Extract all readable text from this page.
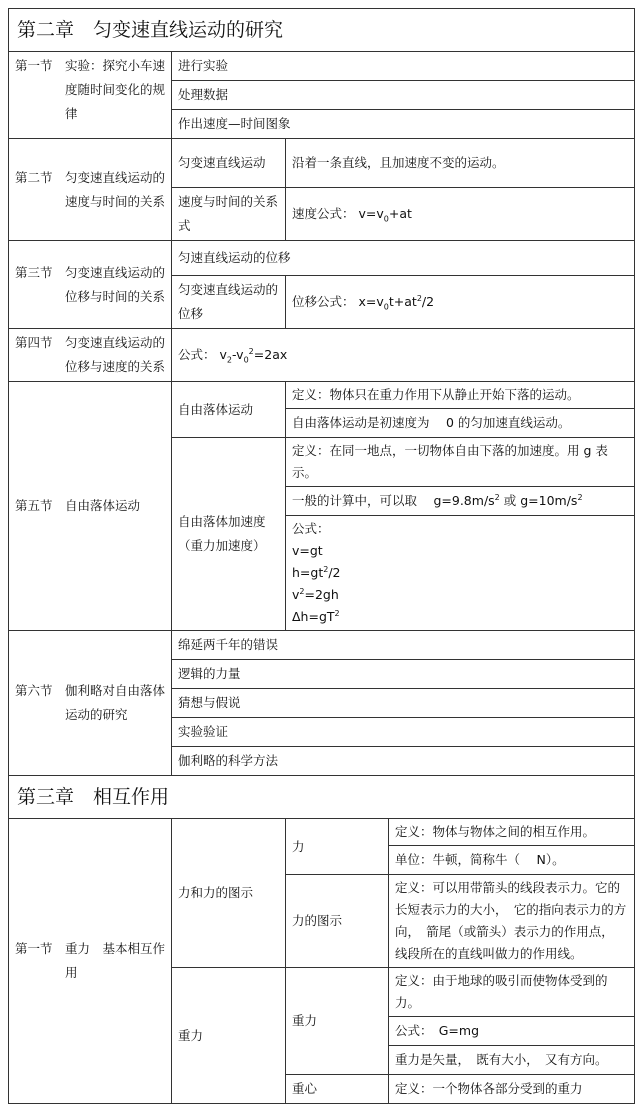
第二章　匀变速直线运动的研究		

第一节 实验：探究小车速度随时间变化的规律	进行实验	
	处理数据	
	作出速度—时间图象	

第二节 匀变速直线运动的速度与时间的关系	匀变速直线运动	沿着一条直线，且加速度不变的运动。
	速度与时间的关系式	速度公式： $v=v_0+at$

第三节 匀变速直线运动的位移与时间的关系	匀速直线运动的位移	
	匀变速直线运动的位移	位移公式： $x=v_0t+at^2/2$

第四节 匀变速直线运动的位移与速度的关系	公式： $v_2-v_0^2=2ax$	
第五节 自由落体运动	自由落体运动	定义：物体只在重力作用下从静止开始下落的运动。
		自由落体运动是初速度为　 0 的匀加速直线运动。
	自由落体加速度（重力加速度）	定义：在同一地点，一切物体自由下落的加速度。用 g 表示。
		一般的计算中，可以取　 $g=9.8m/s^2$ 或 $g=10m/s^2$

		公式：
v=gt
$h=gt^2/2$
$v^2=2gh$
$\Delta h=gT^2$

第六节 伽利略对自由落体运动的研究	绵延两千年的错误	
	逻辑的力量	
	猜想与假说	
	实验验证	
	伽利略的科学方法	
第三章　相互作用			

第一节 重力　基本相互作用	力和力的图示	力	定义：物体与物体之间的相互作用。
			单位：牛顿，简称牛（　 N）。
		力的图示	定义：可以用带箭头的线段表示力。它的长短表示力的大小，　它的指向表示力的方向，　箭尾（或箭头）表示力的作用点，　线段所在的直线叫做力的作用线。
	重力	重力	定义：由于地球的吸引而使物体受到的力。
			公式：　G=mg
			重力是矢量，　既有大小，　又有方向。
		重心	定义：一个物体各部分受到的重力
